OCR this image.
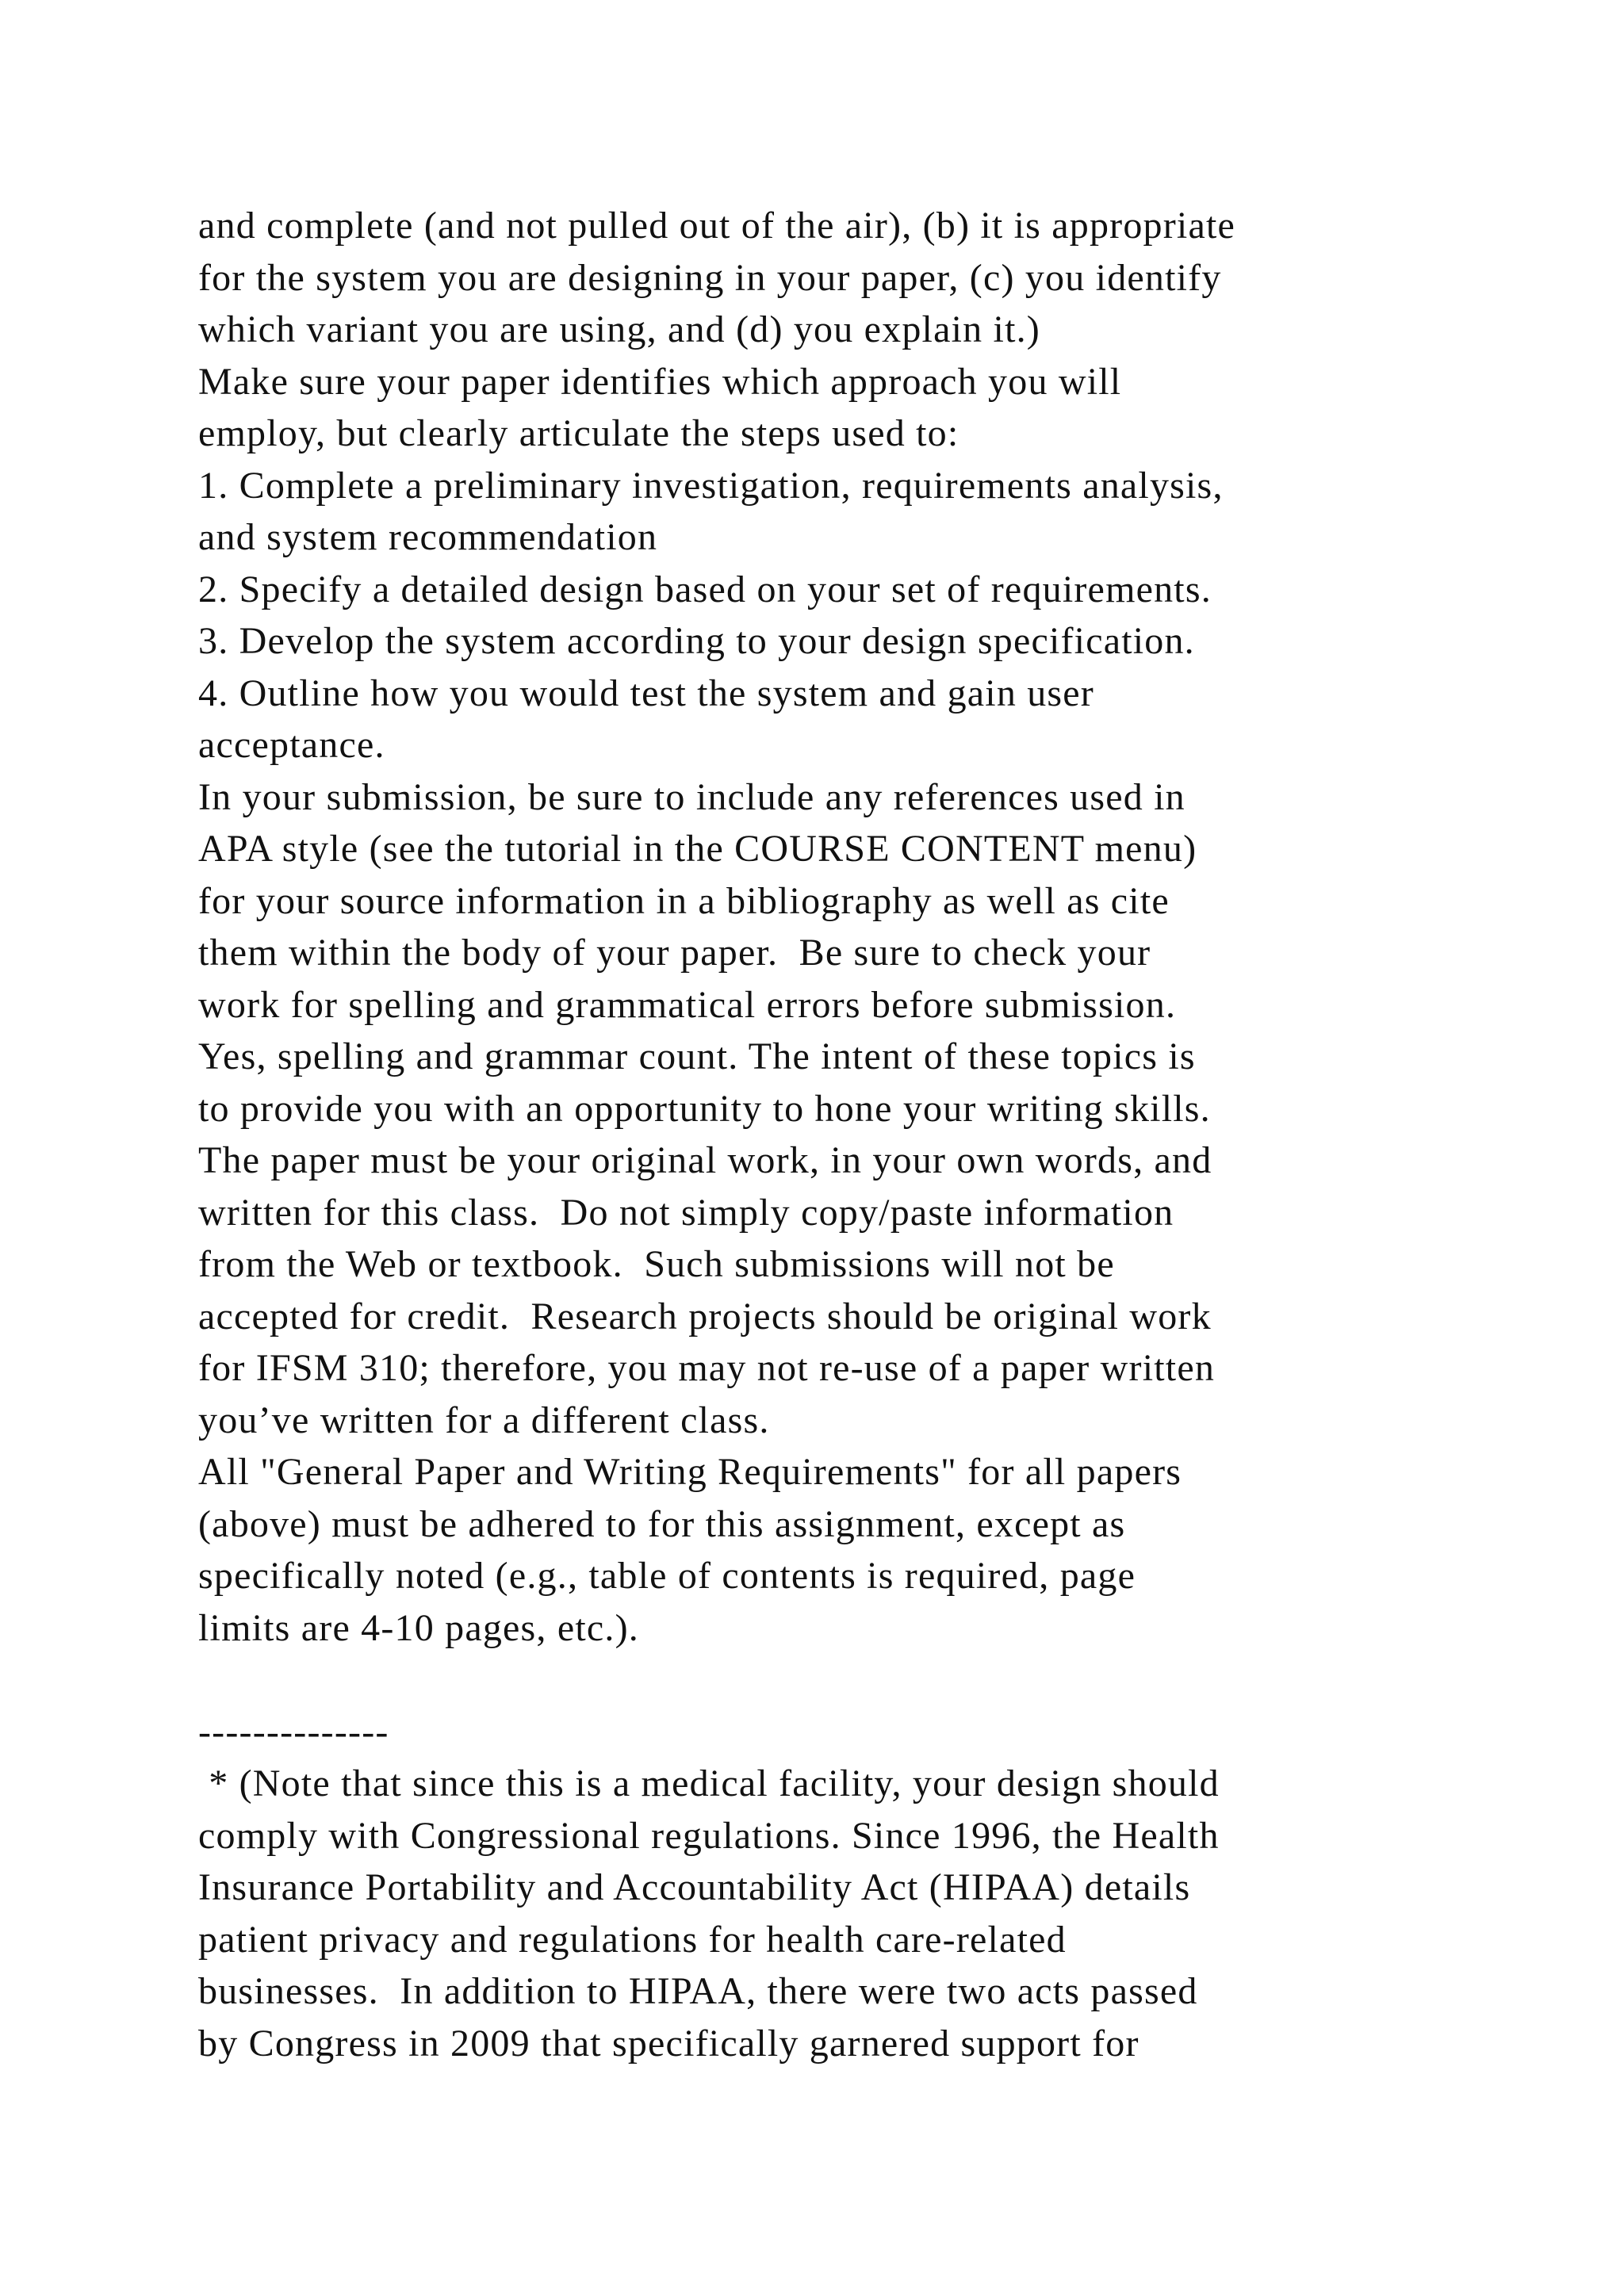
and complete (and not pulled out of the air), (b) it is appropriate
for the system you are designing in your paper, (c) you identify
which variant you are using, and (d) you explain it.)
Make sure your paper identifies which approach you will
employ, but clearly articulate the steps used to:
1. Complete a preliminary investigation, requirements analysis,
and system recommendation
2. Specify a detailed design based on your set of requirements.
3. Develop the system according to your design specification.
4. Outline how you would test the system and gain user
acceptance.
In your submission, be sure to include any references used in
APA style (see the tutorial in the COURSE CONTENT menu)
for your source information in a bibliography as well as cite
them within the body of your paper.  Be sure to check your
work for spelling and grammatical errors before submission.
Yes, spelling and grammar count. The intent of these topics is
to provide you with an opportunity to hone your writing skills.
The paper must be your original work, in your own words, and
written for this class.  Do not simply copy/paste information
from the Web or textbook.  Such submissions will not be
accepted for credit.  Research projects should be original work
for IFSM 310; therefore, you may not re-use of a paper written
you’ve written for a different class.
All "General Paper and Writing Requirements" for all papers
(above) must be adhered to for this assignment, except as
specifically noted (e.g., table of contents is required, page
limits are 4-10 pages, etc.).
--------------
* (Note that since this is a medical facility, your design should
comply with Congressional regulations. Since 1996, the Health
Insurance Portability and Accountability Act (HIPAA) details
patient privacy and regulations for health care-related
businesses.  In addition to HIPAA, there were two acts passed
by Congress in 2009 that specifically garnered support for
